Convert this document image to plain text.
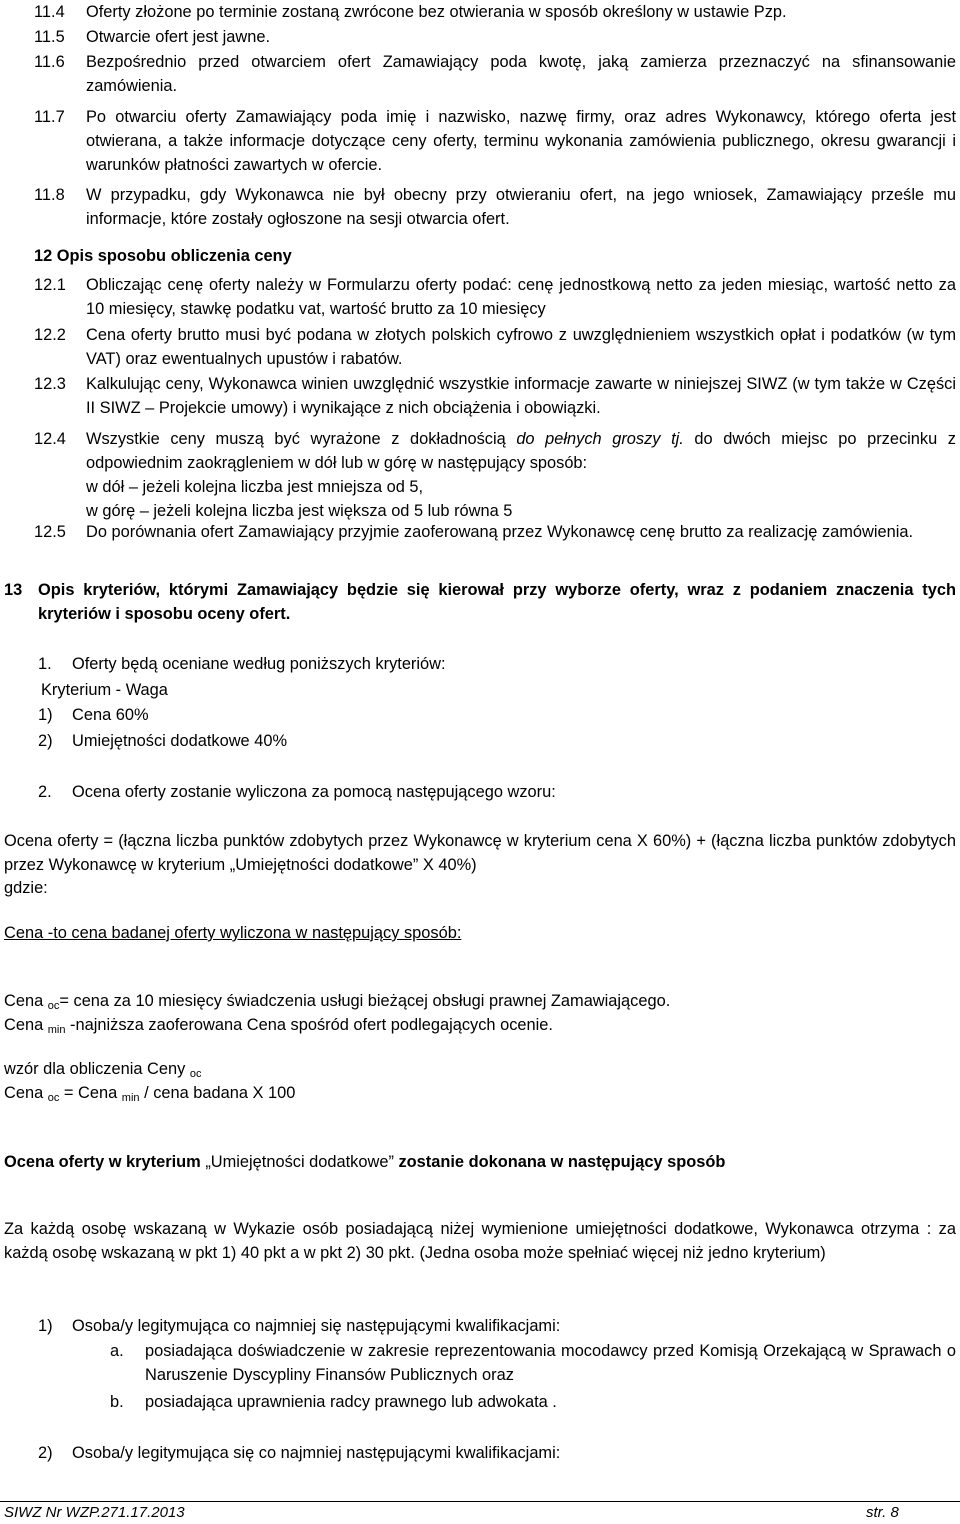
11.4	Oferty złożone po terminie zostaną zwrócone bez otwierania w sposób określony w ustawie Pzp.
11.5	Otwarcie ofert jest jawne.
11.6	Bezpośrednio przed otwarciem ofert Zamawiający poda kwotę, jaką zamierza przeznaczyć na sfinansowanie zamówienia.
11.7	Po otwarciu oferty Zamawiający poda imię i nazwisko, nazwę firmy, oraz adres Wykonawcy, którego oferta jest otwierana, a także informacje dotyczące ceny oferty, terminu wykonania zamówienia publicznego, okresu gwarancji i warunków płatności zawartych w ofercie.
11.8	W przypadku, gdy Wykonawca nie był obecny przy otwieraniu ofert, na jego wniosek, Zamawiający prześle mu informacje, które zostały ogłoszone na sesji otwarcia ofert.
12 Opis sposobu obliczenia ceny
12.1	Obliczając cenę oferty należy w Formularzu oferty podać: cenę jednostkową netto za jeden miesiąc, wartość netto za 10 miesięcy, stawkę podatku vat, wartość brutto za 10 miesięcy
12.2	Cena oferty brutto musi być podana w złotych polskich cyfrowo z uwzględnieniem wszystkich opłat i podatków (w tym VAT) oraz ewentualnych upustów i rabatów.
12.3	Kalkulując ceny, Wykonawca winien uwzględnić wszystkie informacje zawarte w niniejszej SIWZ (w tym także w Części II SIWZ – Projekcie umowy) i wynikające z nich obciążenia i obowiązki.
12.4	Wszystkie ceny muszą być wyrażone z dokładnością do pełnych groszy tj. do dwóch miejsc po przecinku z odpowiednim zaokrągleniem w dół lub w górę w następujący sposób:
w dół – jeżeli kolejna liczba jest mniejsza od 5,
w górę – jeżeli kolejna liczba jest większa od 5 lub równa 5
12.5	Do porównania ofert Zamawiający przyjmie zaoferowaną przez Wykonawcę cenę brutto za realizację zamówienia.
13 Opis kryteriów, którymi Zamawiający będzie się kierował przy wyborze oferty, wraz z podaniem znaczenia tych kryteriów i sposobu oceny ofert.
1. Oferty będą oceniane według poniższych kryteriów:
Kryterium - Waga
1) Cena 60%
2) Umiejętności dodatkowe 40%
2. Ocena oferty zostanie wyliczona za pomocą następującego wzoru:
Ocena oferty = (łączna liczba punktów zdobytych przez Wykonawcę w kryterium cena X 60%) + (łączna liczba punktów zdobytych przez Wykonawcę w kryterium „Umiejętności dodatkowe” X 40%)
gdzie:
Cena -to cena badanej oferty wyliczona w następujący sposób:
Cena $_{oc}$= cena za 10 miesięcy świadczenia usługi bieżącej obsługi prawnej Zamawiającego.
Cena $_{min}$ -najniższa zaoferowana Cena spośród ofert podlegających ocenie.
wzór dla obliczenia Ceny $_{oc}$
Cena $_{oc}$ = Cena $_{min}$ / cena badana X 100
Ocena oferty w kryterium „Umiejętności dodatkowe” zostanie dokonana w następujący sposób
Za każdą osobę wskazaną w Wykazie osób posiadającą niżej wymienione umiejętności dodatkowe, Wykonawca otrzyma : za każdą osobę wskazaną w pkt 1) 40 pkt a w pkt 2) 30 pkt. (Jedna osoba może spełniać więcej niż jedno kryterium)
1) Osoba/y legitymująca co najmniej się następującymi kwalifikacjami:
a. posiadająca doświadczenie w zakresie reprezentowania mocodawcy przed Komisją Orzekającą w Sprawach o Naruszenie Dyscypliny Finansów Publicznych oraz
b. posiadająca uprawnienia radcy prawnego lub adwokata .
2) Osoba/y legitymująca się co najmniej następującymi kwalifikacjami:
SIWZ Nr WZP.271.17.2013	str. 8
